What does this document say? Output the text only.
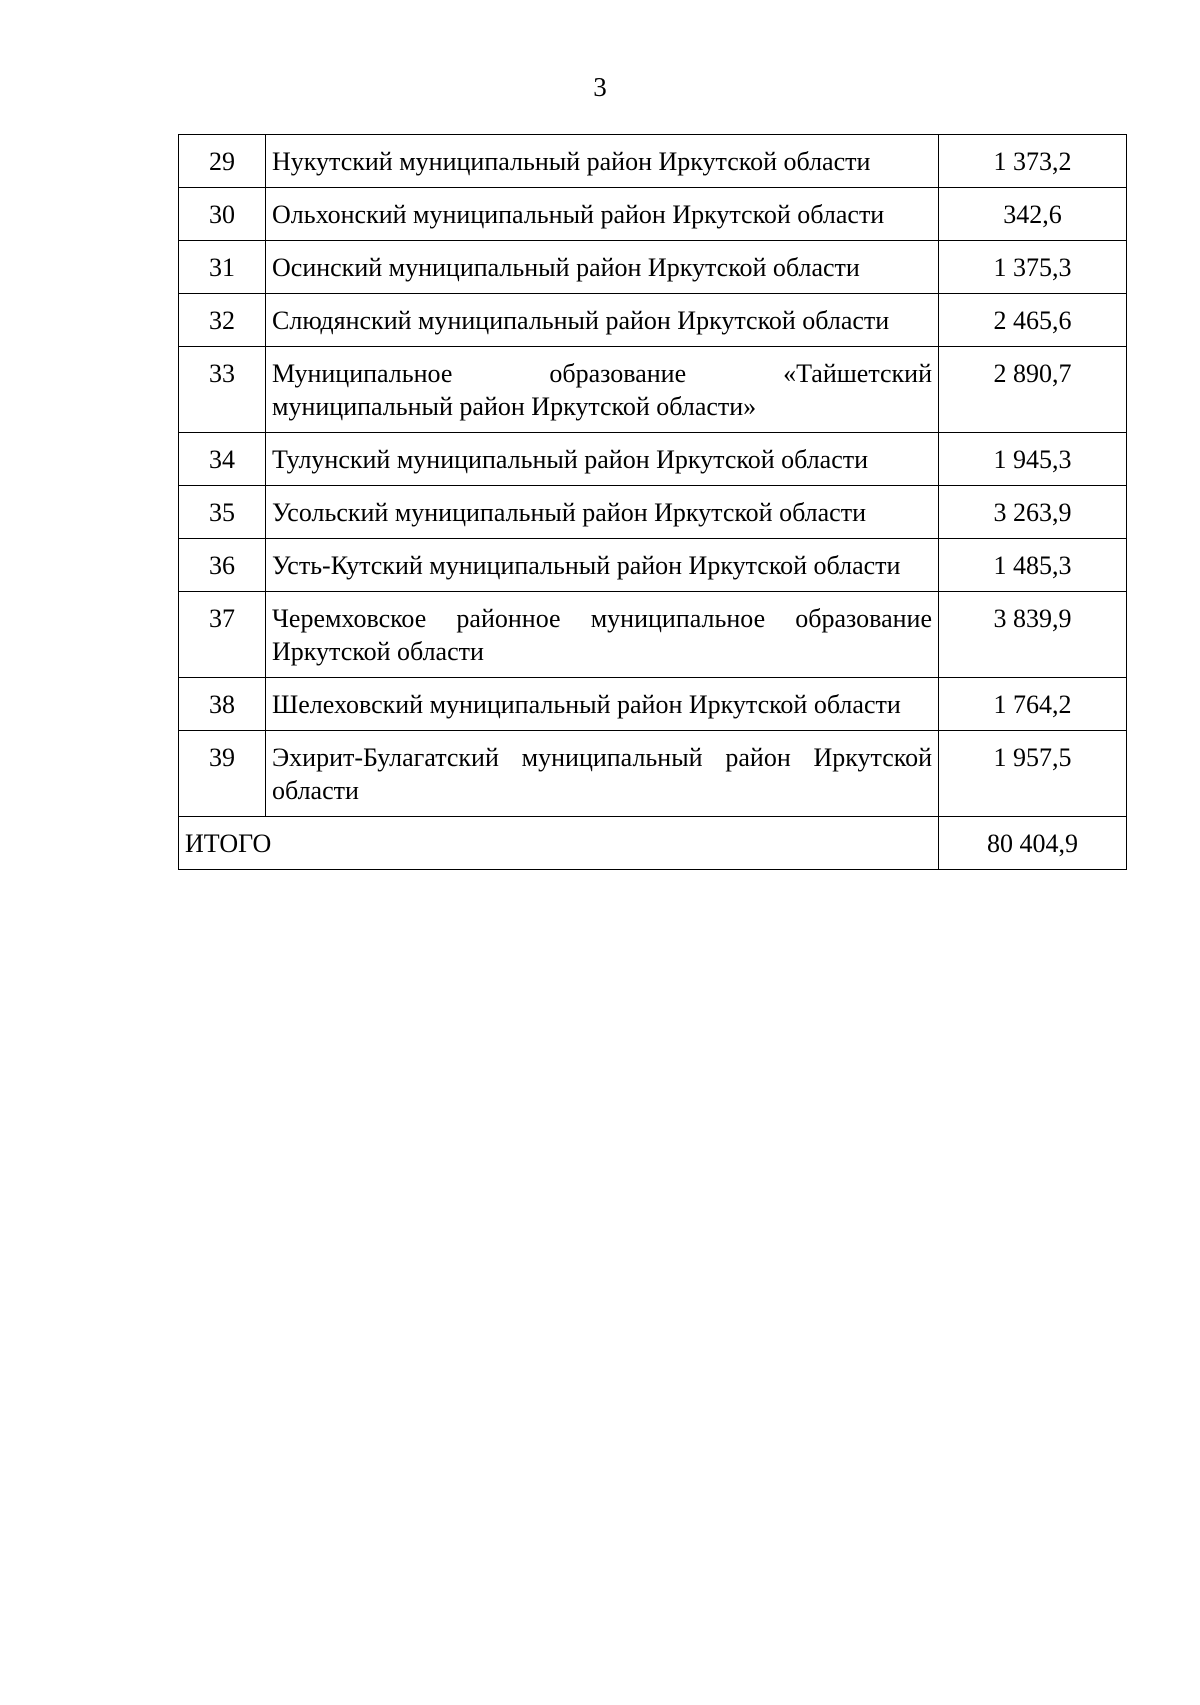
3
29	Нукутский муниципальный район Иркутской области	1 373,2
30	Ольхонский муниципальный район Иркутской области	342,6
31	Осинский муниципальный район Иркутской области	1 375,3
32	Слюдянский муниципальный район Иркутской области	2 465,6
33	Муниципальное образование «Тайшетский муниципальный район Иркутской области»	2 890,7
34	Тулунский муниципальный район Иркутской области	1 945,3
35	Усольский муниципальный район Иркутской области	3 263,9
36	Усть-Кутский муниципальный район Иркутской области	1 485,3
37	Черемховское районное муниципальное образование Иркутской области	3 839,9
38	Шелеховский муниципальный район Иркутской области	1 764,2
39	Эхирит-Булагатский муниципальный район Иркутской области	1 957,5
ИТОГО		80 404,9
